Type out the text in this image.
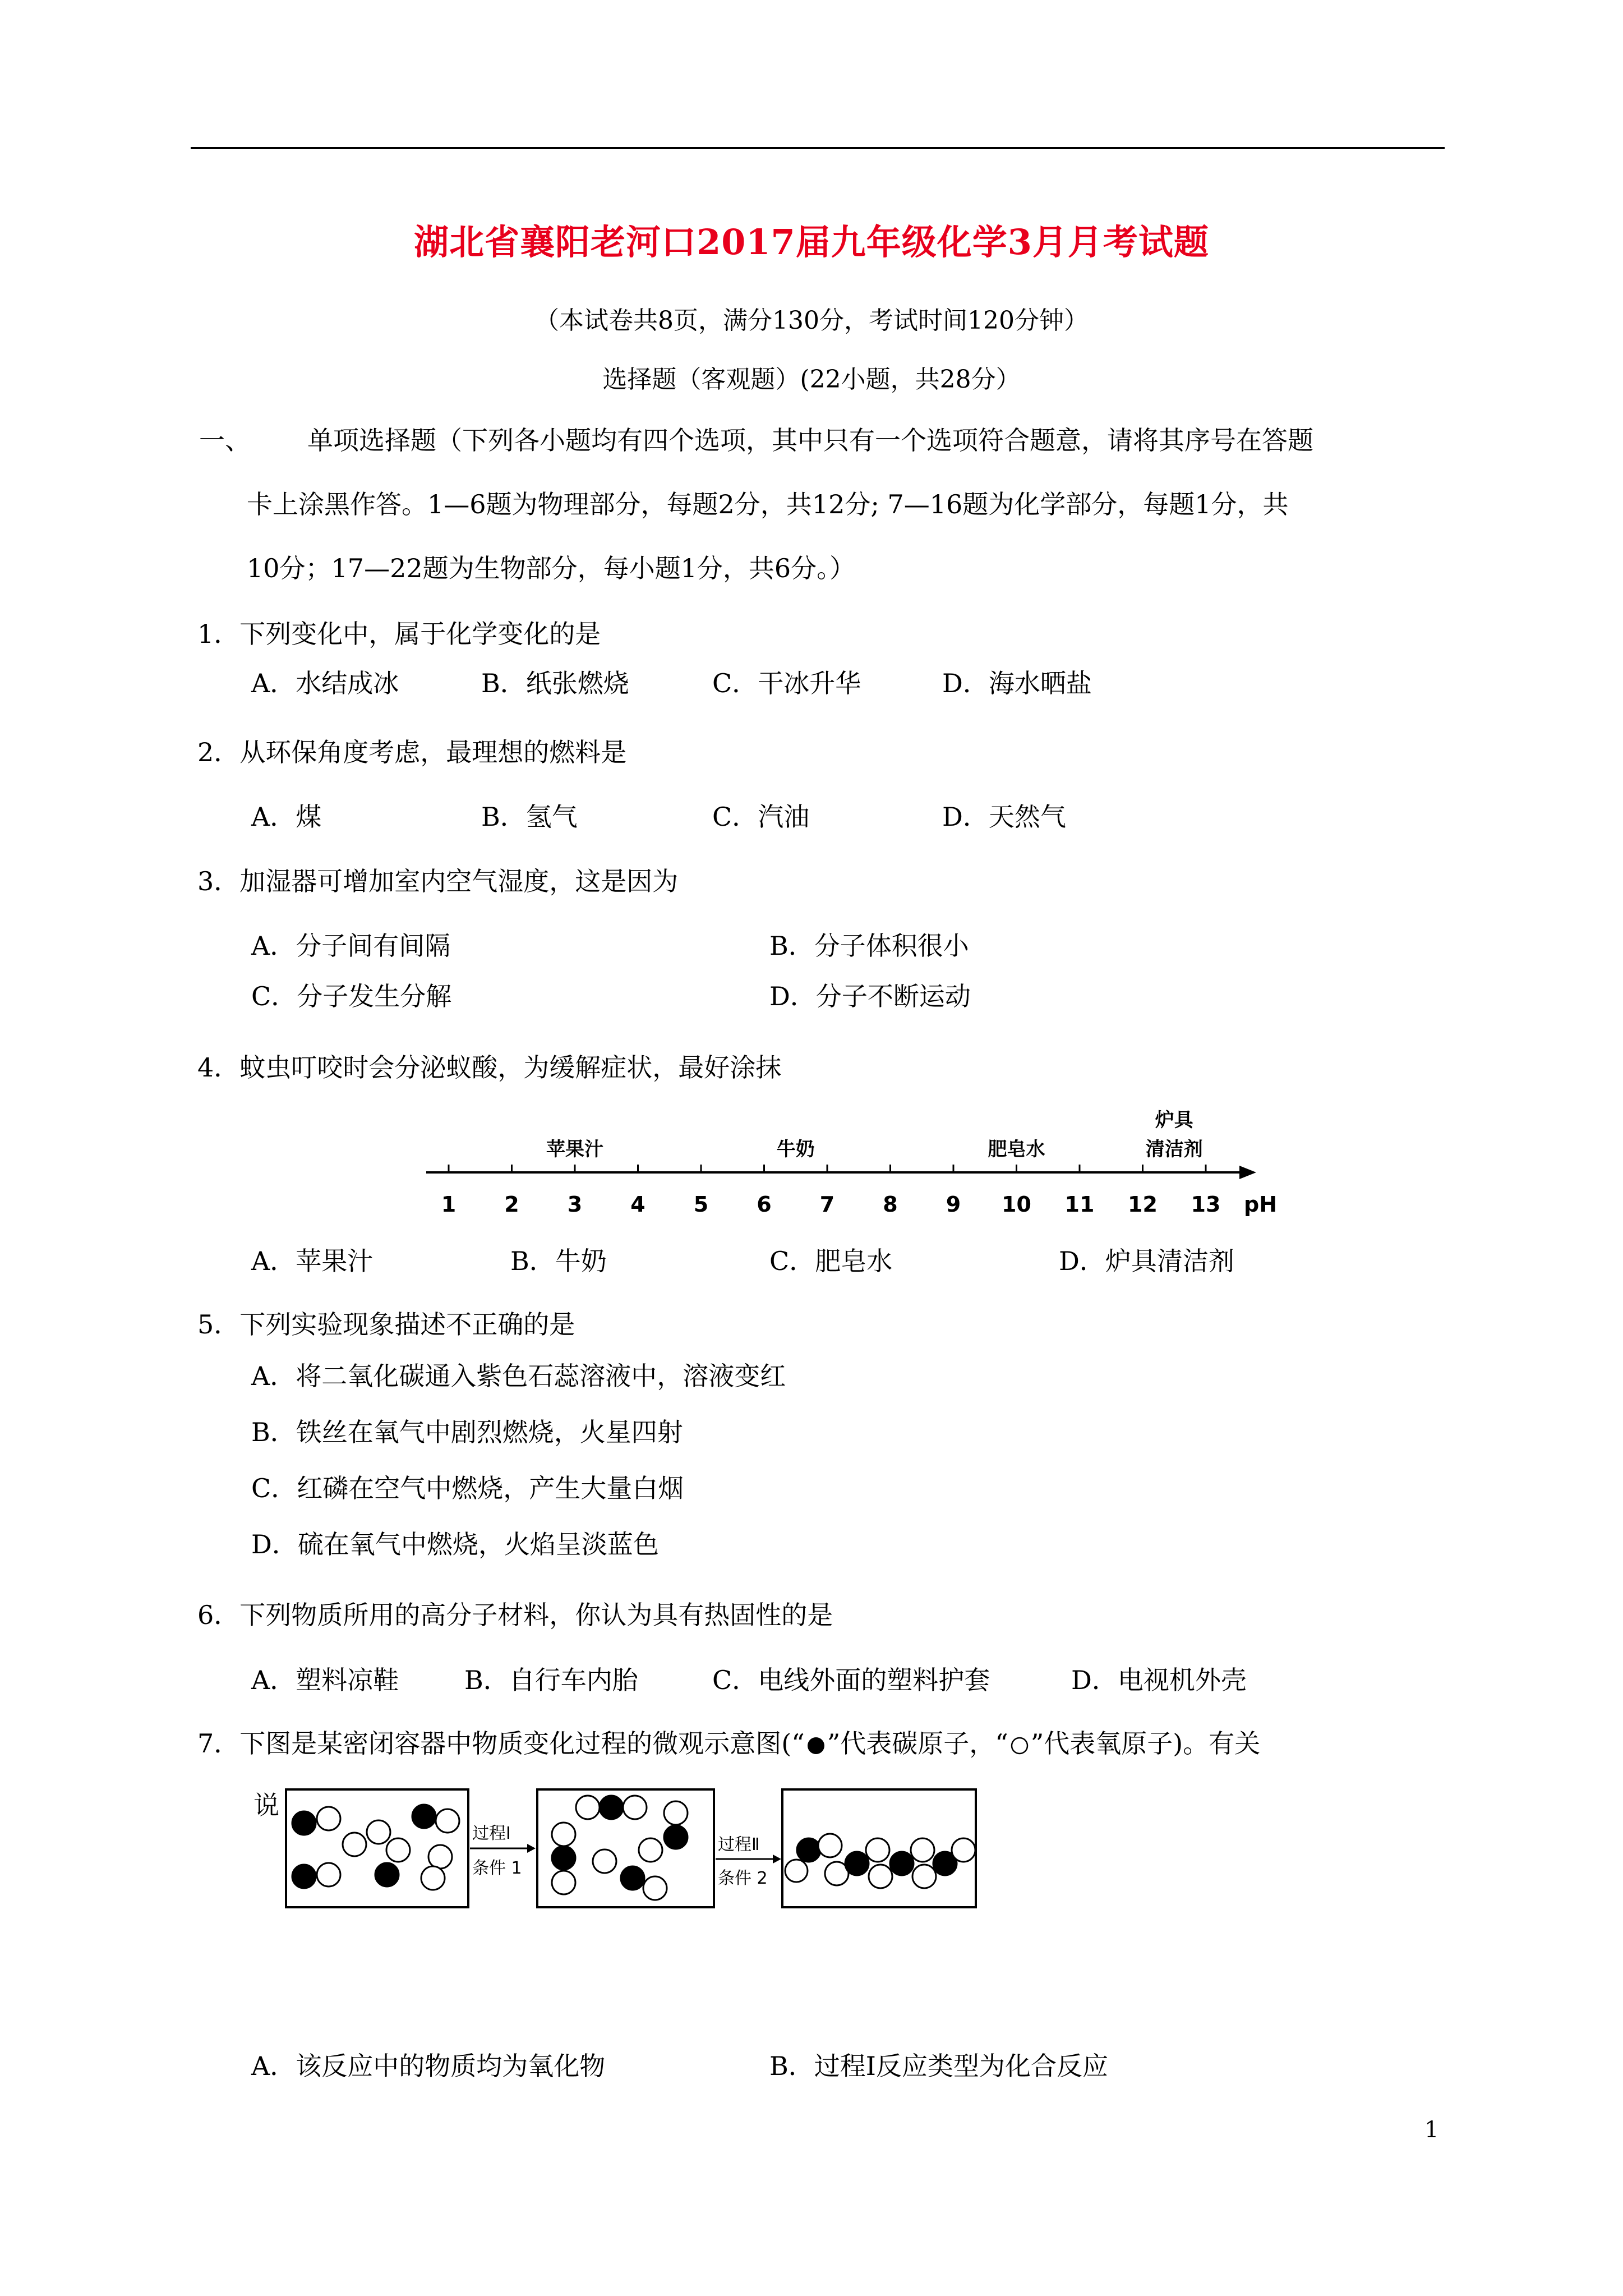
湖北省襄阳老河口2017届九年级化学3月月考试题
（本试卷共8页，满分130分，考试时间120分钟）
选择题（客观题）(22小题，共28分）
一、 单项选择题（下列各小题均有四个选项，其中只有一个选项符合题意，请将其序号在答题
卡上涂黑作答。1—6题为物理部分，每题2分，共12分; 7—16题为化学部分，每题1分，共
10分；17—22题为生物部分，每小题1分，共6分。）
1．下列变化中，属于化学变化的是
A．水结成冰	B．纸张燃烧	C．干冰升华	D．海水晒盐
2．从环保角度考虑，最理想的燃料是
A．煤	B．氢气	C．汽油	D．天然气
3．加湿器可增加室内空气湿度，这是因为
A．分子间有间隔	B．分子体积很小
C．分子发生分解	D．分子不断运动
4．蚊虫叮咬时会分泌蚁酸，为缓解症状，最好涂抹
1 2 3 4 5 6 7 8 9 10 11 12 13
苹果汁	牛奶	肥皂水
炉具
清洁剂
pH
A．苹果汁	B．牛奶	C．肥皂水	D．炉具清洁剂
5．下列实验现象描述不正确的是
A．将二氧化碳通入紫色石蕊溶液中，溶液变红
B．铁丝在氧气中剧烈燃烧，火星四射
C．红磷在空气中燃烧，产生大量白烟
D．硫在氧气中燃烧，火焰呈淡蓝色
6．下列物质所用的高分子材料，你认为具有热固性的是
A．塑料凉鞋	B．自行车内胎	C．电线外面的塑料护套	D．电视机外壳
7．下图是某密闭容器中物质变化过程的微观示意图(“ ”代表碳原子，“ ”代表氧原子)。有关
说
过程Ⅰ
条件 1
过程Ⅱ
条件 2
A．该反应中的物质均为氧化物	B．过程Ⅰ反应类型为化合反应
1
